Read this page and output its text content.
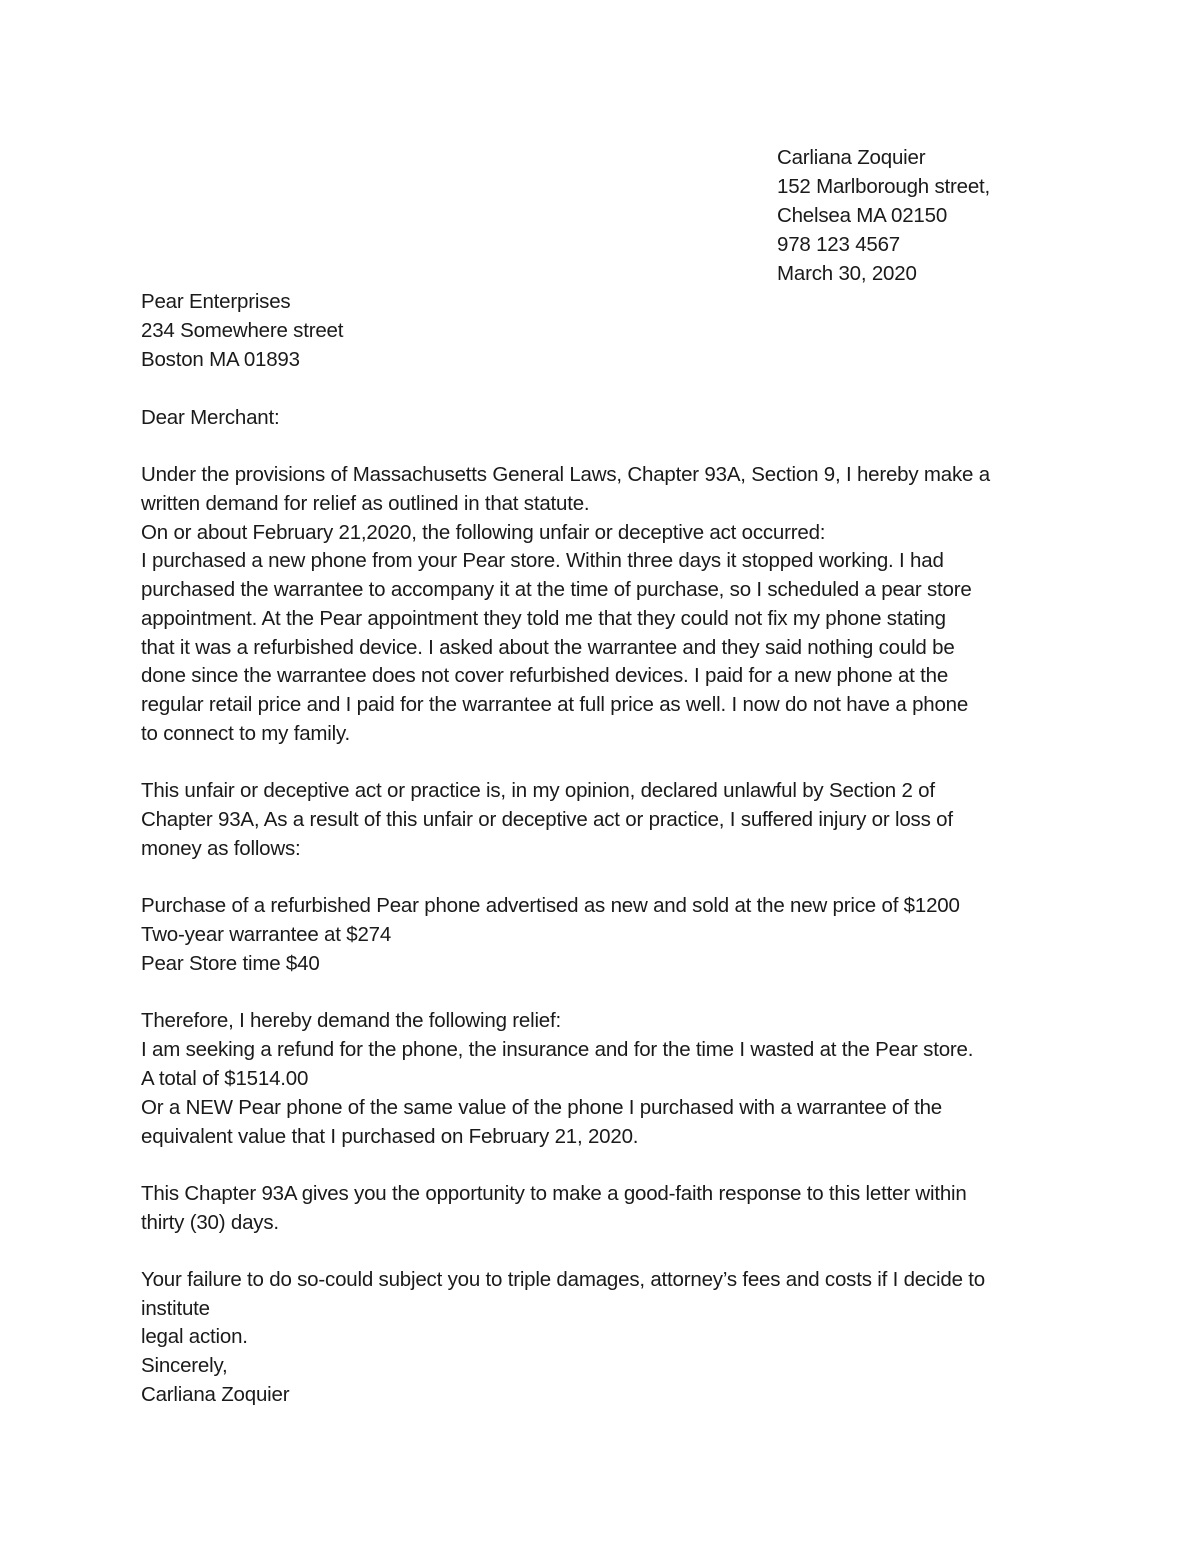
Carliana Zoquier
152 Marlborough street,
Chelsea MA 02150
978 123 4567
March 30, 2020
Pear Enterprises
234 Somewhere street
Boston MA 01893
Dear Merchant:
Under the provisions of Massachusetts General Laws, Chapter 93A, Section 9, I hereby make a
written demand for relief as outlined in that statute.
On or about February 21,2020, the following unfair or deceptive act occurred:
I purchased a new phone from your Pear store. Within three days it stopped working. I had
purchased the warrantee to accompany it at the time of purchase, so I scheduled a pear store
appointment. At the Pear appointment they told me that they could not fix my phone stating
that it was a refurbished device. I asked about the warrantee and they said nothing could be
done since the warrantee does not cover refurbished devices. I paid for a new phone at the
regular retail price and I paid for the warrantee at full price as well. I now do not have a phone
to connect to my family.
This unfair or deceptive act or practice is, in my opinion, declared unlawful by Section 2 of
Chapter 93A, As a result of this unfair or deceptive act or practice, I suffered injury or loss of
money as follows:
Purchase of a refurbished Pear phone advertised as new and sold at the new price of $1200
Two-year warrantee at $274
Pear Store time $40
Therefore, I hereby demand the following relief:
I am seeking a refund for the phone, the insurance and for the time I wasted at the Pear store.
A total of $1514.00
Or a NEW Pear phone of the same value of the phone I purchased with a warrantee of the
equivalent value that I purchased on February 21, 2020.
This Chapter 93A gives you the opportunity to make a good-faith response to this letter within
thirty (30) days.
Your failure to do so-could subject you to triple damages, attorney’s fees and costs if I decide to
institute
legal action.
Sincerely,
Carliana Zoquier
